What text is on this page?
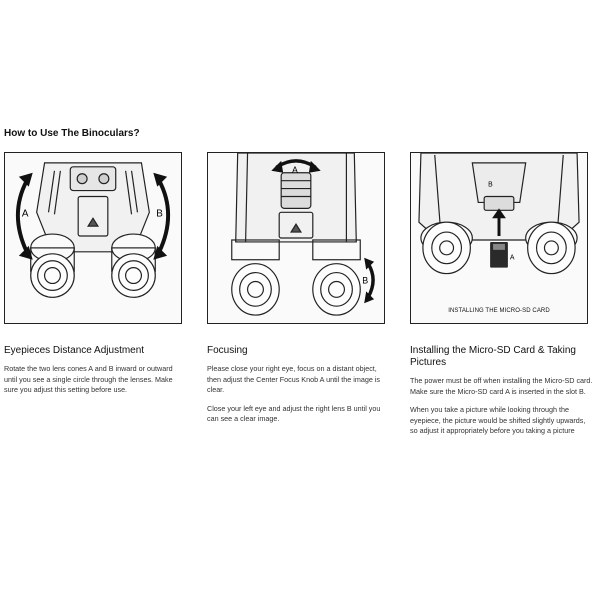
How to Use The Binoculars?
A	B
A
B
B
A
INSTALLING THE MICRO-SD CARD
Eyepieces Distance Adjustment

Rotate the two lens cones A and B inward or outward until you see a single circle through the lenses. Make sure you adjust this setting before use.

Focusing

Please close your right eye, focus on a distant object, then adjust the Center Focus Knob A until the image is clear.

Close your left eye and adjust the right lens B until you can see a clear image.

Installing the Micro-SD Card & Taking Pictures

The power must be off when installing the Micro-SD card. Make sure the Micro-SD card A is inserted in the slot B.

When you take a picture while looking through the eyepiece, the picture would be shifted slightly upwards, so adjust it appropriately before you taking a picture
